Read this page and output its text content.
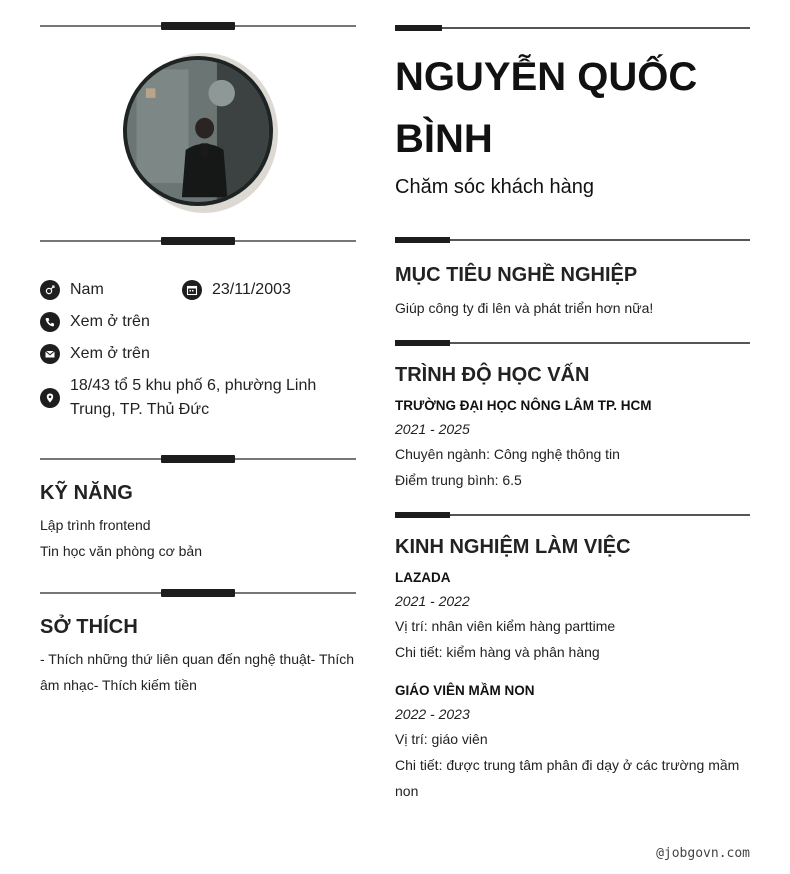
Nam	23/11/2003
Xem ở trên
Xem ở trên
18/43 tổ 5 khu phố 6, phường Linh Trung, TP. Thủ Đức
KỸ NĂNG
Lập trình frontend
Tin học văn phòng cơ bản
SỞ THÍCH
- Thích những thứ liên quan đến nghệ thuật- Thích âm nhạc- Thích kiếm tiền
NGUYỄN QUỐC BÌNH
Chăm sóc khách hàng
MỤC TIÊU NGHỀ NGHIỆP
Giúp công ty đi lên và phát triển hơn nữa!
TRÌNH ĐỘ HỌC VẤN
TRƯỜNG ĐẠI HỌC NÔNG LÂM TP. HCM
2021 - 2025
Chuyên ngành: Công nghệ thông tin
Điểm trung bình: 6.5
KINH NGHIỆM LÀM VIỆC
LAZADA
2021 - 2022
Vị trí: nhân viên kiểm hàng parttime
Chi tiết: kiểm hàng và phân hàng
GIÁO VIÊN MẦM NON
2022 - 2023
Vị trí: giáo viên
Chi tiết: được trung tâm phân đi dạy ở các trường mầm non
@jobgovn.com
